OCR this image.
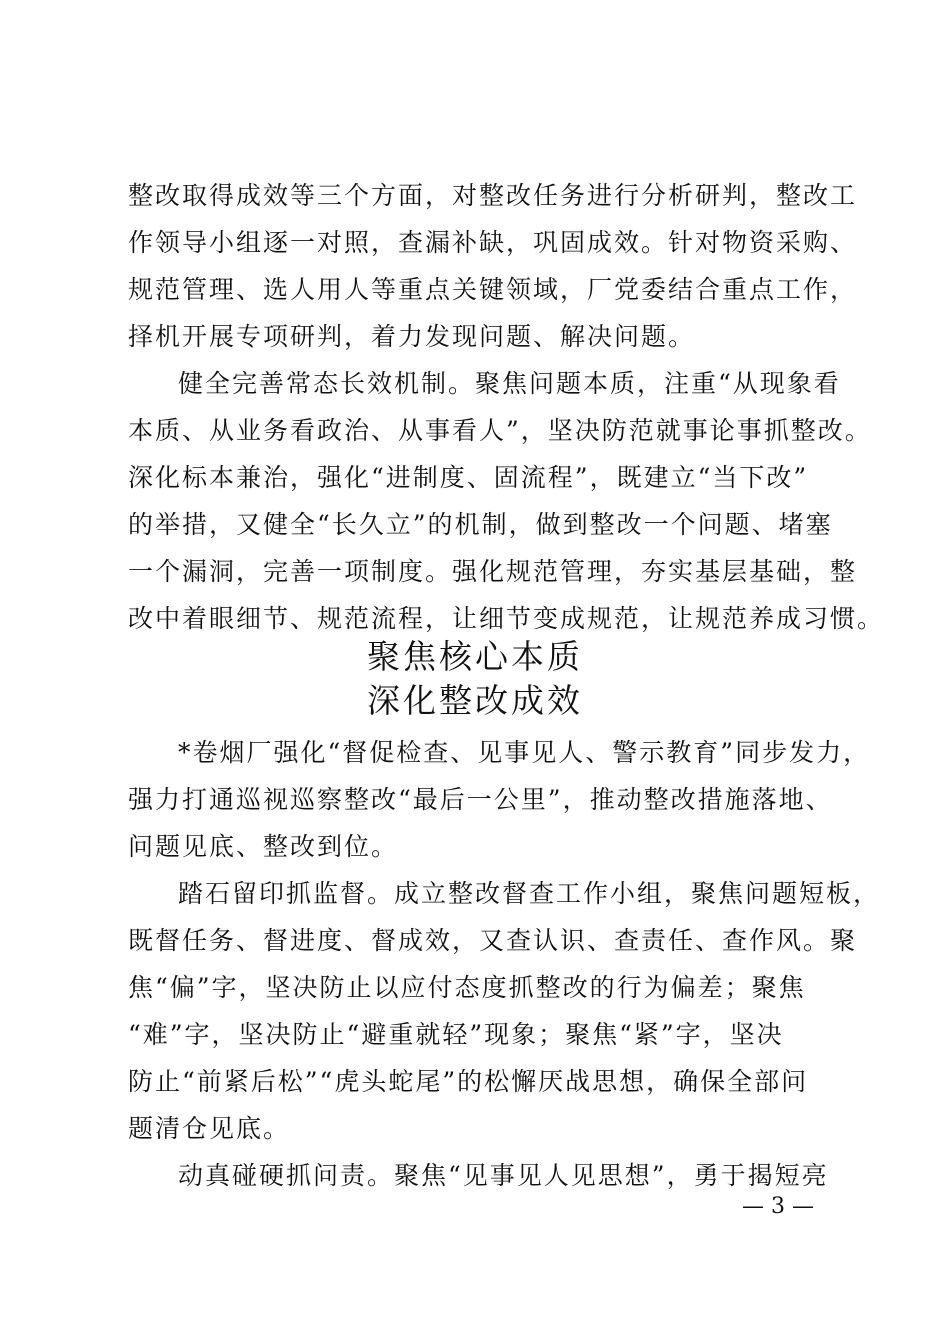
整改取得成效等三个方面，对整改任务进行分析研判，整改工
作领导小组逐一对照，查漏补缺，巩固成效。针对物资采购、
规范管理、选人用人等重点关键领域，厂党委结合重点工作，
择机开展专项研判，着力发现问题、解决问题。
健全完善常态长效机制。聚焦问题本质，注重“从现象看
本质、从业务看政治、从事看人”，坚决防范就事论事抓整改。
深化标本兼治，强化“进制度、固流程”，既建立“当下改”
的举措，又健全“长久立”的机制，做到整改一个问题、堵塞
一个漏洞，完善一项制度。强化规范管理，夯实基层基础，整
改中着眼细节、规范流程，让细节变成规范，让规范养成习惯。
聚焦核心本质
深化整改成效
*卷烟厂强化“督促检查、见事见人、警示教育”同步发力，
强力打通巡视巡察整改“最后一公里”，推动整改措施落地、
问题见底、整改到位。
踏石留印抓监督。成立整改督查工作小组，聚焦问题短板，
既督任务、督进度、督成效，又查认识、查责任、查作风。聚
焦“偏”字，坚决防止以应付态度抓整改的行为偏差；聚焦
“难”字，坚决防止“避重就轻”现象；聚焦“紧”字，坚决
防止“前紧后松”“虎头蛇尾”的松懈厌战思想，确保全部问
题清仓见底。
动真碰硬抓问责。聚焦“见事见人见思想”，勇于揭短亮
— 3 —
